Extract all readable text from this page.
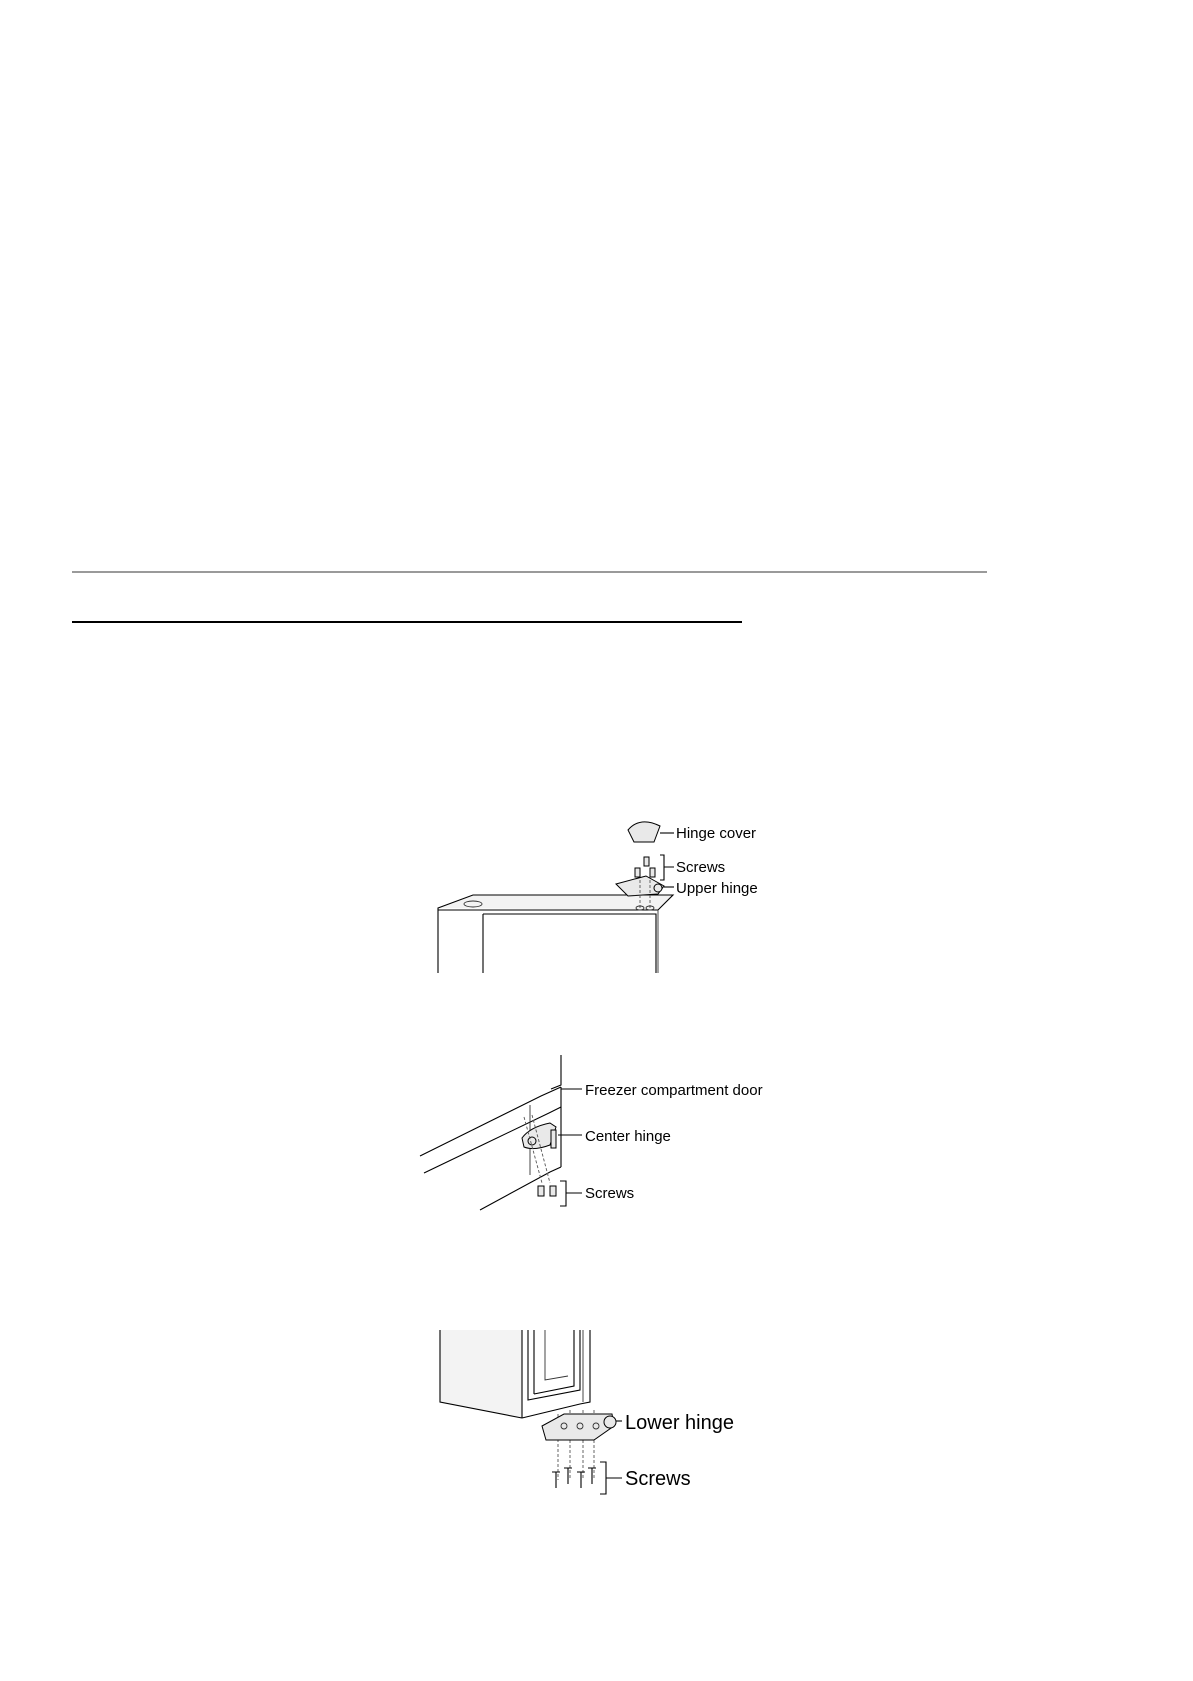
Hinge cover
Screws
Upper hinge
Freezer compartment door
Center hinge
Screws
Lower hinge
Screws
